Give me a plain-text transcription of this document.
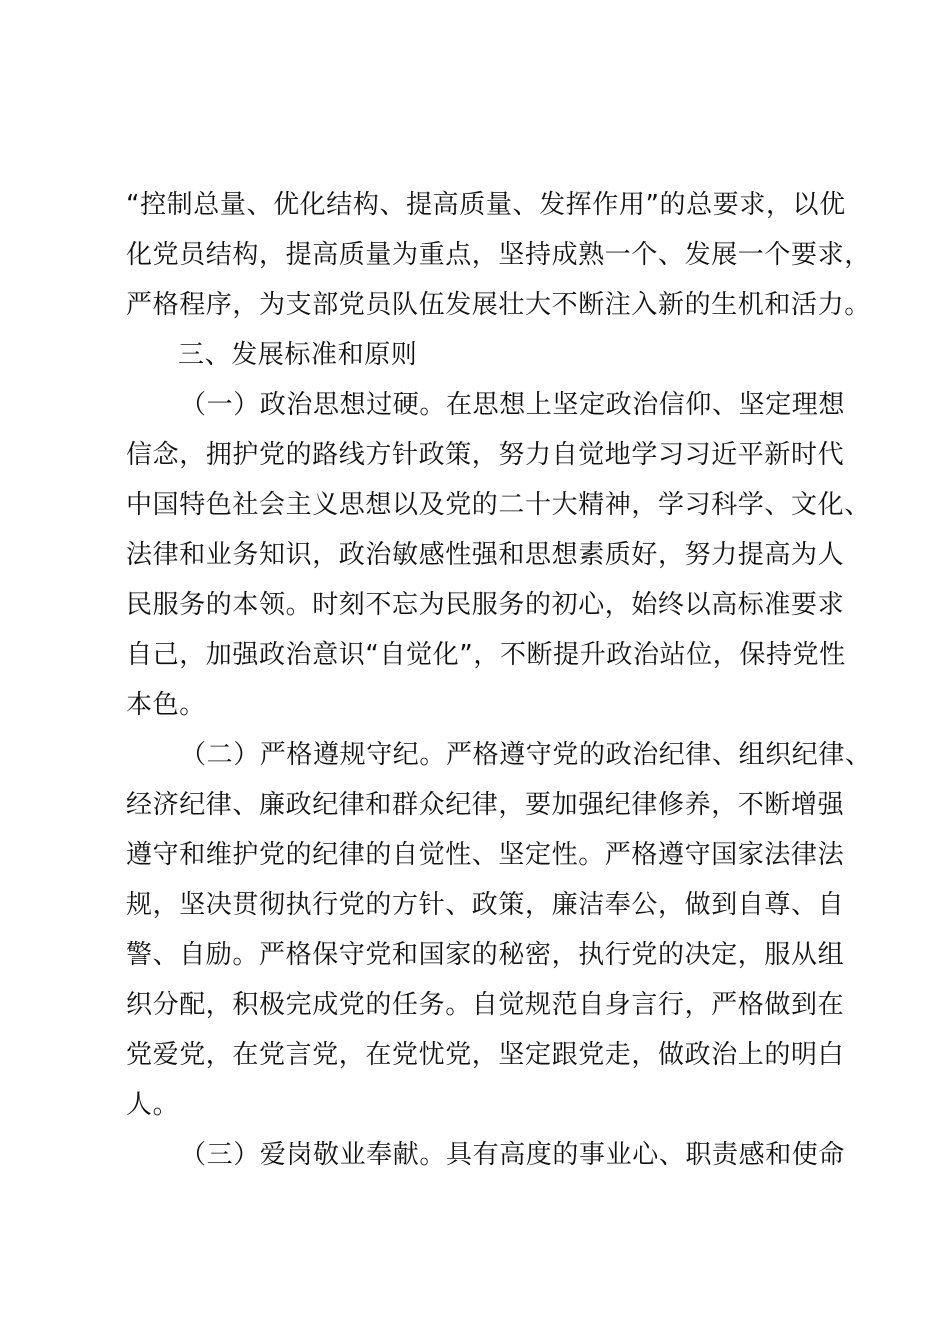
“控制总量、优化结构、提高质量、发挥作用”的总要求，以优
化党员结构，提高质量为重点，坚持成熟一个、发展一个要求，
严格程序，为支部党员队伍发展壮大不断注入新的生机和活力。
三、发展标准和原则
（一）政治思想过硬。在思想上坚定政治信仰、坚定理想
信念，拥护党的路线方针政策，努力自觉地学习习近平新时代
中国特色社会主义思想以及党的二十大精神，学习科学、文化、
法律和业务知识，政治敏感性强和思想素质好，努力提高为人
民服务的本领。时刻不忘为民服务的初心，始终以高标准要求
自己，加强政治意识“自觉化”，不断提升政治站位，保持党性
本色。
（二）严格遵规守纪。严格遵守党的政治纪律、组织纪律、
经济纪律、廉政纪律和群众纪律，要加强纪律修养，不断增强
遵守和维护党的纪律的自觉性、坚定性。严格遵守国家法律法
规，坚决贯彻执行党的方针、政策，廉洁奉公，做到自尊、自
警、自励。严格保守党和国家的秘密，执行党的决定，服从组
织分配，积极完成党的任务。自觉规范自身言行，严格做到在
党爱党，在党言党，在党忧党，坚定跟党走，做政治上的明白
人。
（三）爱岗敬业奉献。具有高度的事业心、职责感和使命
